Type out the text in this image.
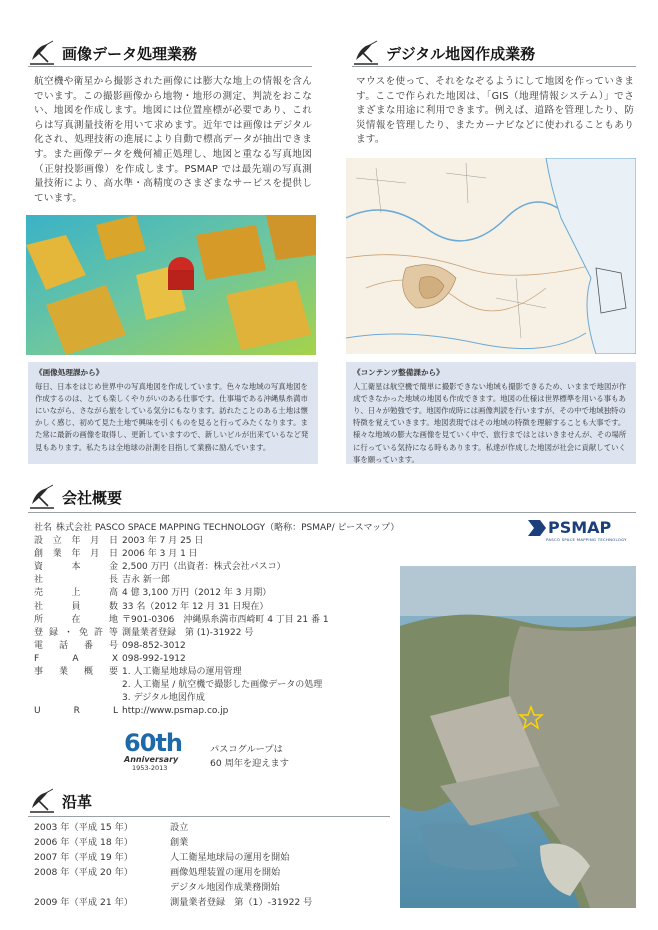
画像データ処理業務
航空機や衛星から撮影された画像には膨大な地上の情報を含んでいます。この撮影画像から地物・地形の測定、判読をおこない、地図を作成します。地図には位置座標が必要であり、これらは写真測量技術を用いて求めます。近年では画像はデジタル化され、処理技術の進展により自動で標高データが抽出できます。また画像データを幾何補正処理し、地図と重なる写真地図（正射投影画像）を作成します。PSMAP では最先端の写真測量技術により、高水準・高精度のさまざまなサービスを提供しています。
《画像処理課から》
毎日、日本をはじめ世界中の写真地図を作成しています。色々な地域の写真地図を作成するのは、とても楽しくやりがいのある仕事です。仕事場である沖縄県糸満市にいながら、さながら旅をしている気分にもなります。訪れたことのある土地は懐かしく感じ、初めて見た土地で興味を引くものを見ると行ってみたくなります。また常に最新の画像を取得し、更新していますので、新しいビルが出来ているなど発見もあります。私たちは全地球の計測を目指して業務に励んでいます。
デジタル地図作成業務
マウスを使って、それをなぞるようにして地図を作っていきます。ここで作られた地図は、「GIS（地理情報システム）」でさまざまな用途に利用できます。例えば、道路を管理したり、防災情報を管理したり、またカーナビなどに使われることもあります。
《コンテンツ整備課から》
人工衛星は航空機で簡単に撮影できない地域も撮影できるため、いままで地図が作成できなかった地域の地図も作成できます。地図の仕様は世界標準を用いる事もあり、日々が勉強です。地図作成時には画像判読を行いますが、その中で地域独特の特徴を覚えていきます。地図表現ではその地域の特徴を理解することも大事です。様々な地域の膨大な画像を見ていく中で、旅行まではとはいきませんが、その場所に行っている気持になる時もあります。私達が作成した地図が社会に貢献していく事を願っています。
会社概要
PSMAP
PASCO SPACE MAPPING TECHNOLOGY
社 名 株式会社 PASCO SPACE MAPPING TECHNOLOGY（略称：PSMAP/ ピースマップ）
設 立 年 月 日 2003 年 7 月 25 日
創 業 年 月 日 2006 年 3 月 1 日
資	本	金 2,500 万円（出資者：株式会社パスコ）
社	長 吉永 新一郎
売	上	高 4 億 3,100 万円（2012 年 3 月期）
社	員	数 33 名（2012 年 12 月 31 日現在）
所	在	地 〒901-0306　沖縄県糸満市西崎町 4 丁目 21 番 1
登 録 ・ 免 許 等 測量業者登録　第 (1)-31922 号
電 話 番 号 098-852-3012
F	A	X 098-992-1912
事 業 概 要 1. 人工衛星地球局の運用管理
2. 人工衛星 / 航空機で撮影した画像データの処理
3. デジタル地図作成
U	R	L http://www.psmap.co.jp
60th
Anniversary
1953-2013
パスコグループは
60 周年を迎えます
沿革
2003 年（平成 15 年）	設立
2006 年（平成 18 年）	創業
2007 年（平成 19 年）	人工衛星地球局の運用を開始
2008 年（平成 20 年）	画像処理装置の運用を開始
デジタル地図作成業務開始
2009 年（平成 21 年）	測量業者登録　第（1）-31922 号
